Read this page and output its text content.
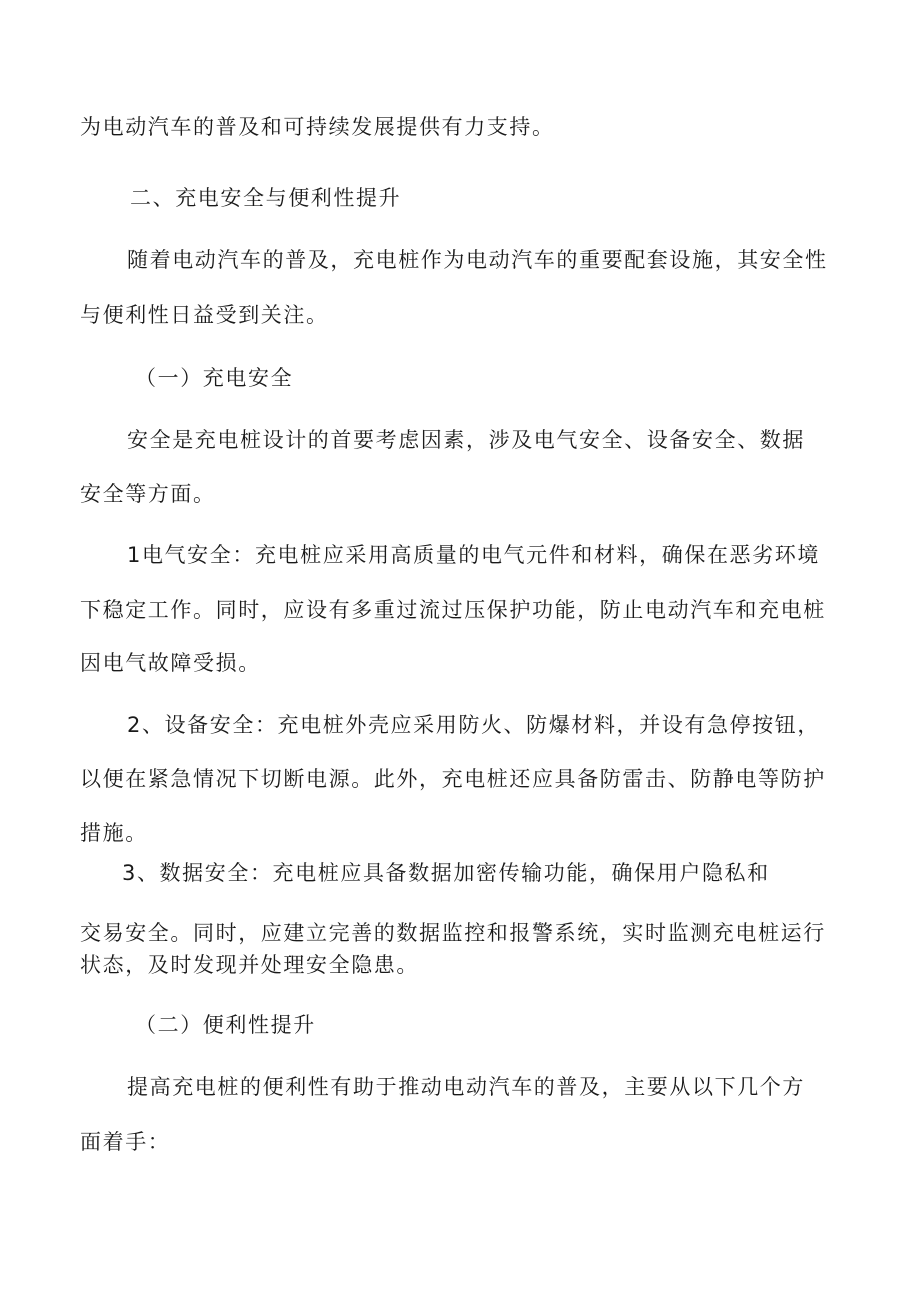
为电动汽车的普及和可持续发展提供有力支持。
二、充电安全与便利性提升
随着电动汽车的普及，充电桩作为电动汽车的重要配套设施，其安全性
与便利性日益受到关注。
（一）充电安全
安全是充电桩设计的首要考虑因素，涉及电气安全、设备安全、数据
安全等方面。
1电气安全：充电桩应采用高质量的电气元件和材料，确保在恶劣环境
下稳定工作。同时，应设有多重过流过压保护功能，防止电动汽车和充电桩
因电气故障受损。
2、设备安全：充电桩外壳应采用防火、防爆材料，并设有急停按钮，
以便在紧急情况下切断电源。此外，充电桩还应具备防雷击、防静电等防护
措施。
3、数据安全：充电桩应具备数据加密传输功能，确保用户隐私和
交易安全。同时，应建立完善的数据监控和报警系统，实时监测充电桩运行
状态，及时发现并处理安全隐患。
（二）便利性提升
提高充电桩的便利性有助于推动电动汽车的普及，主要从以下几个方
面着手：
